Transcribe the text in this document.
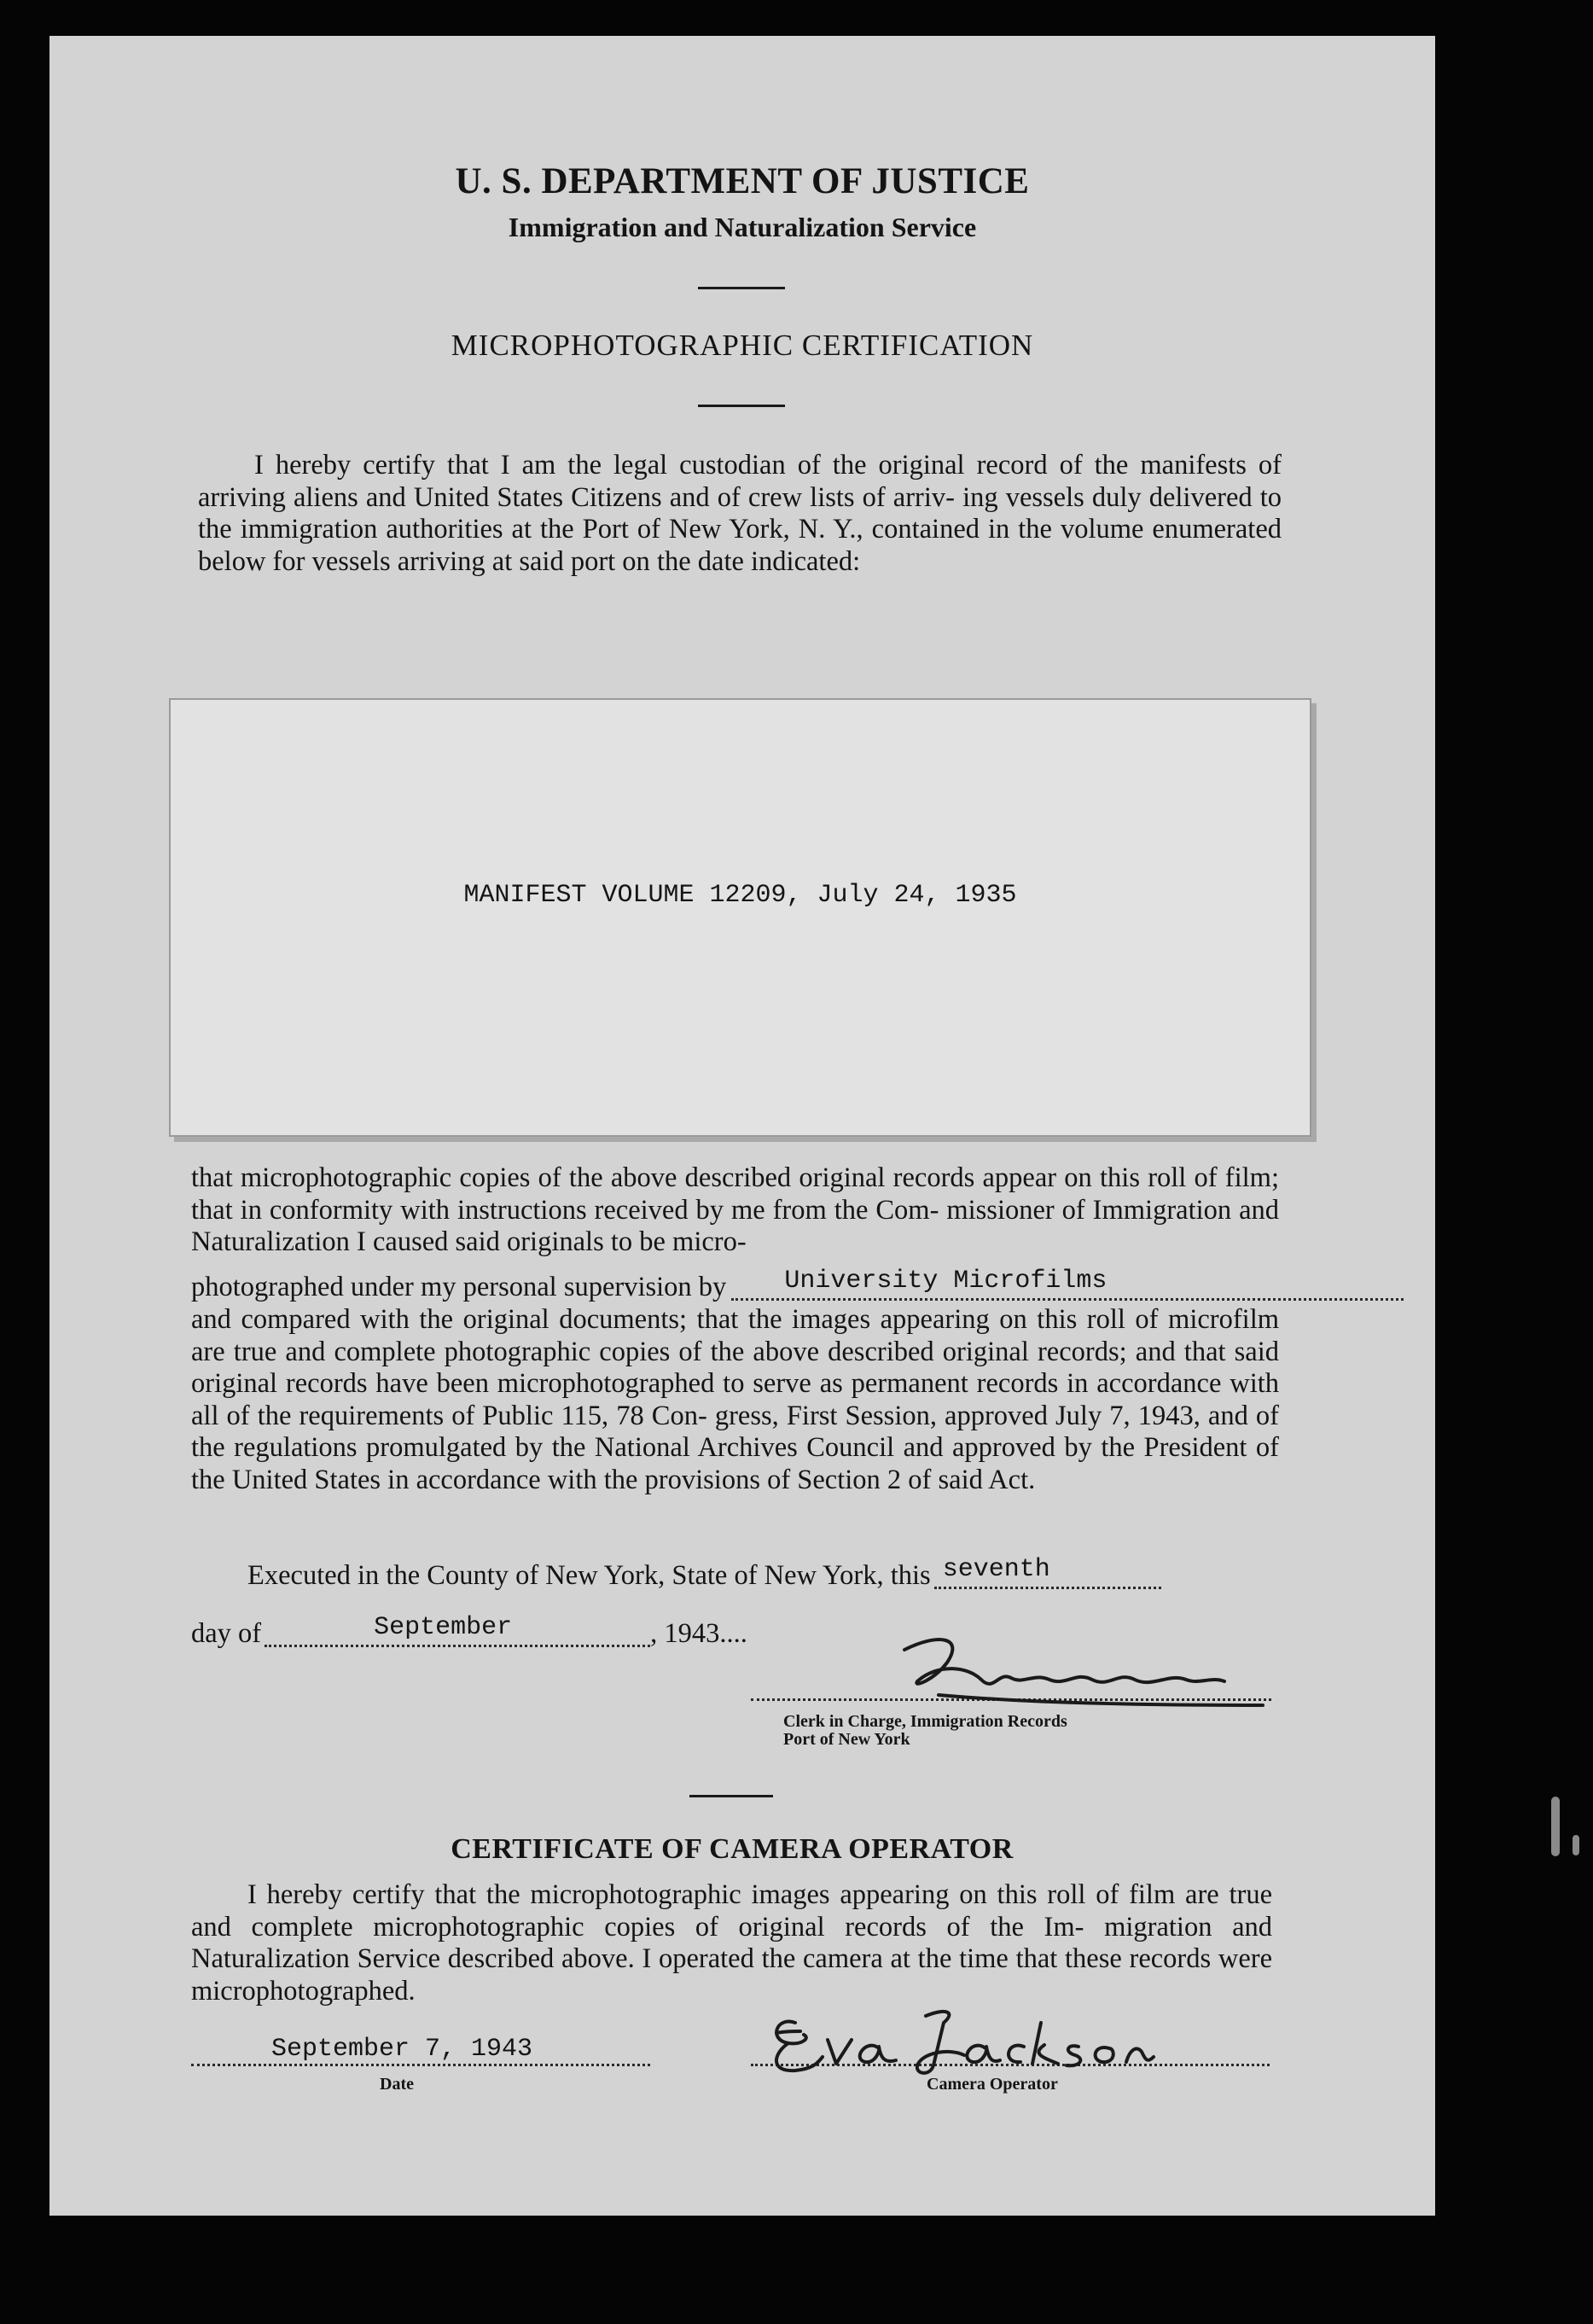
U. S. DEPARTMENT OF JUSTICE
Immigration and Naturalization Service
MICROPHOTOGRAPHIC CERTIFICATION
I hereby certify that I am the legal custodian of the original record of the manifests of arriving aliens and United States Citizens and of crew lists of arriv- ing vessels duly delivered to the immigration authorities at the Port of New York, N. Y., contained in the volume enumerated below for vessels arriving at said port on the date indicated:
MANIFEST VOLUME 12209, July 24, 1935
that microphotographic copies of the above described original records appear on this roll of film; that in conformity with instructions received by me from the Com- missioner of Immigration and Naturalization I caused said originals to be micro-
photographed under my personal supervision by University Microfilms
and compared with the original documents; that the images appearing on this roll of microfilm are true and complete photographic copies of the above described original records; and that said original records have been microphotographed to serve as permanent records in accordance with all of the requirements of Public 115, 78 Con- gress, First Session, approved July 7, 1943, and of the regulations promulgated by the National Archives Council and approved by the President of the United States in accordance with the provisions of Section 2 of said Act.
Executed in the County of New York, State of New York, this seventh
day of	September	, 1943....
Clerk in Charge, Immigration Records
Port of New York
CERTIFICATE OF CAMERA OPERATOR
I hereby certify that the microphotographic images appearing on this roll of film are true and complete microphotographic copies of original records of the Im- migration and Naturalization Service described above. I operated the camera at the time that these records were microphotographed.
September 7, 1943
Date	Camera Operator
